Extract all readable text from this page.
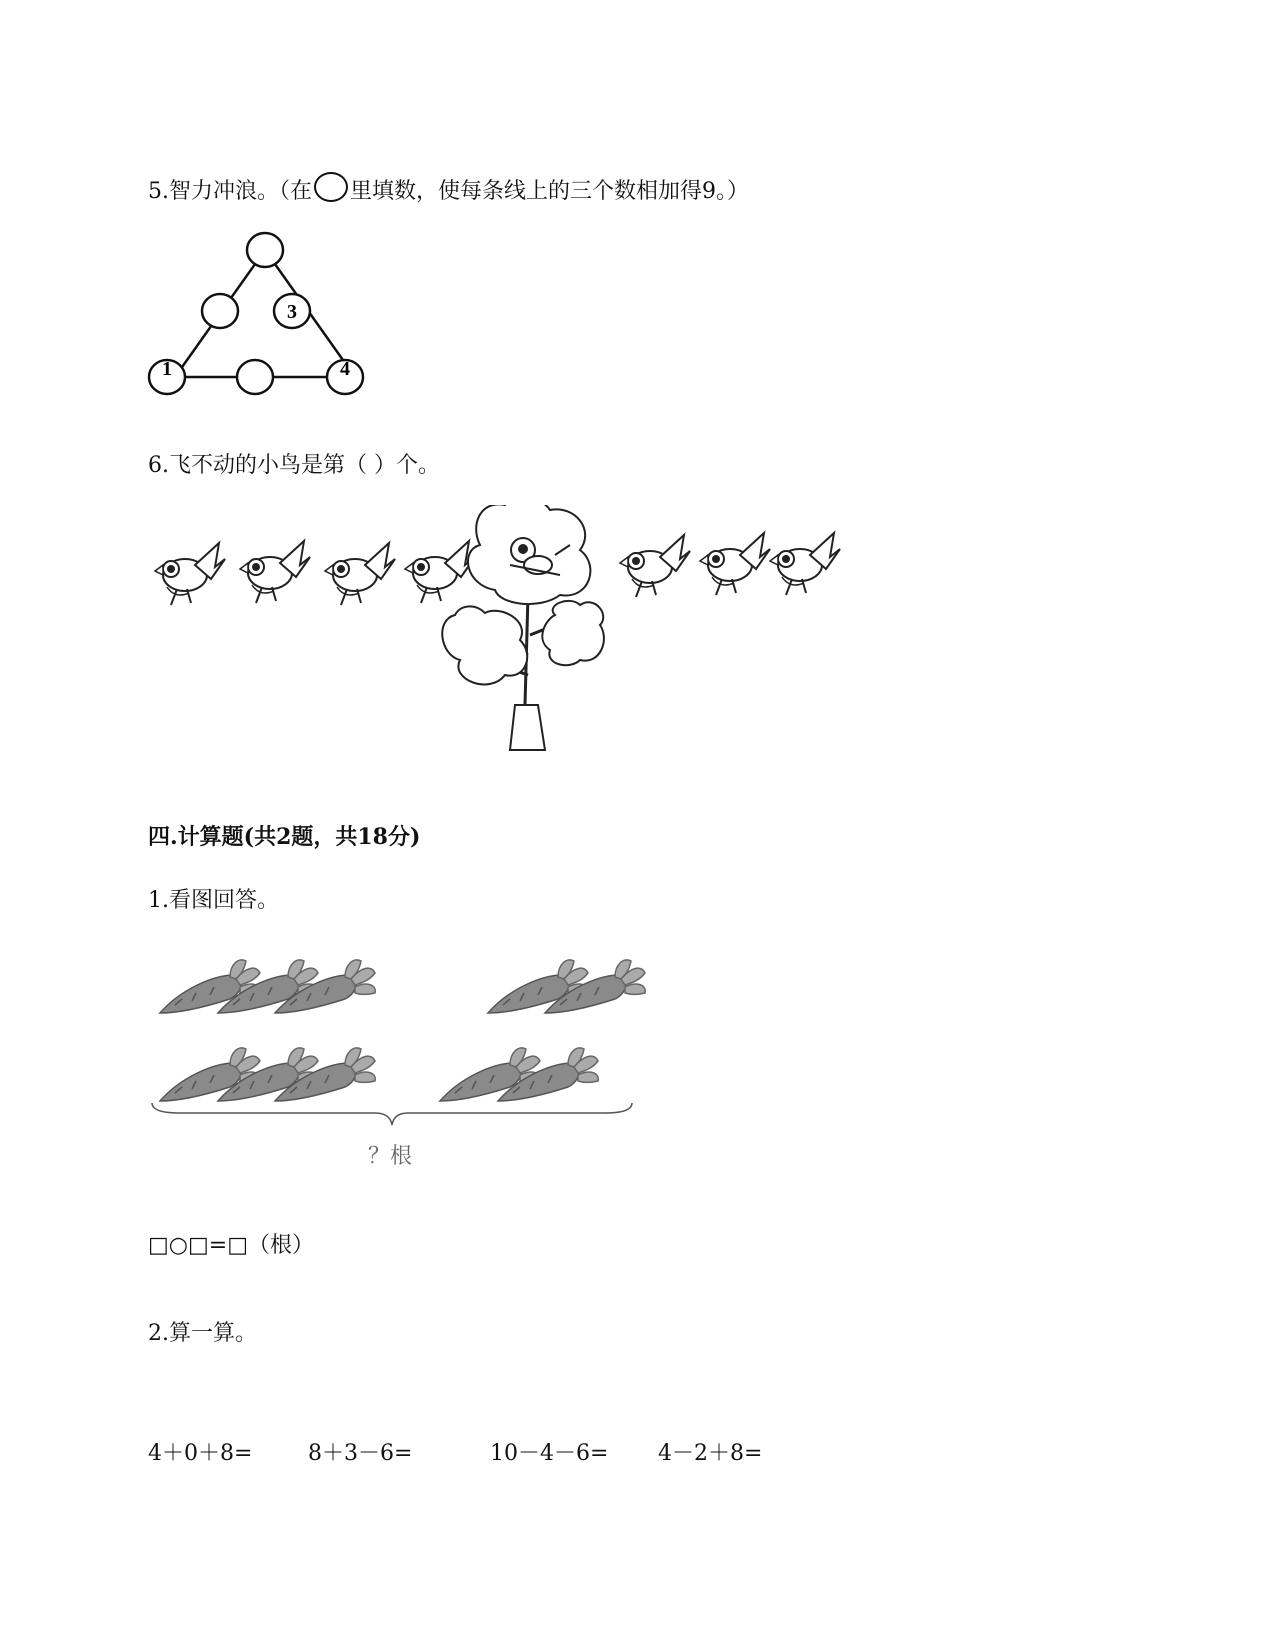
5.智力冲浪。（在 里填数，使每条线上的三个数相加得9。）
3
1	4
6.飞不动的小鸟是第（ ）个。
四.计算题(共2题，共18分)
1.看图回答。
？根
□○□=□（根）
2.算一算。
4＋0＋8=	8＋3－6=	10－4－6= 4－2＋8=
